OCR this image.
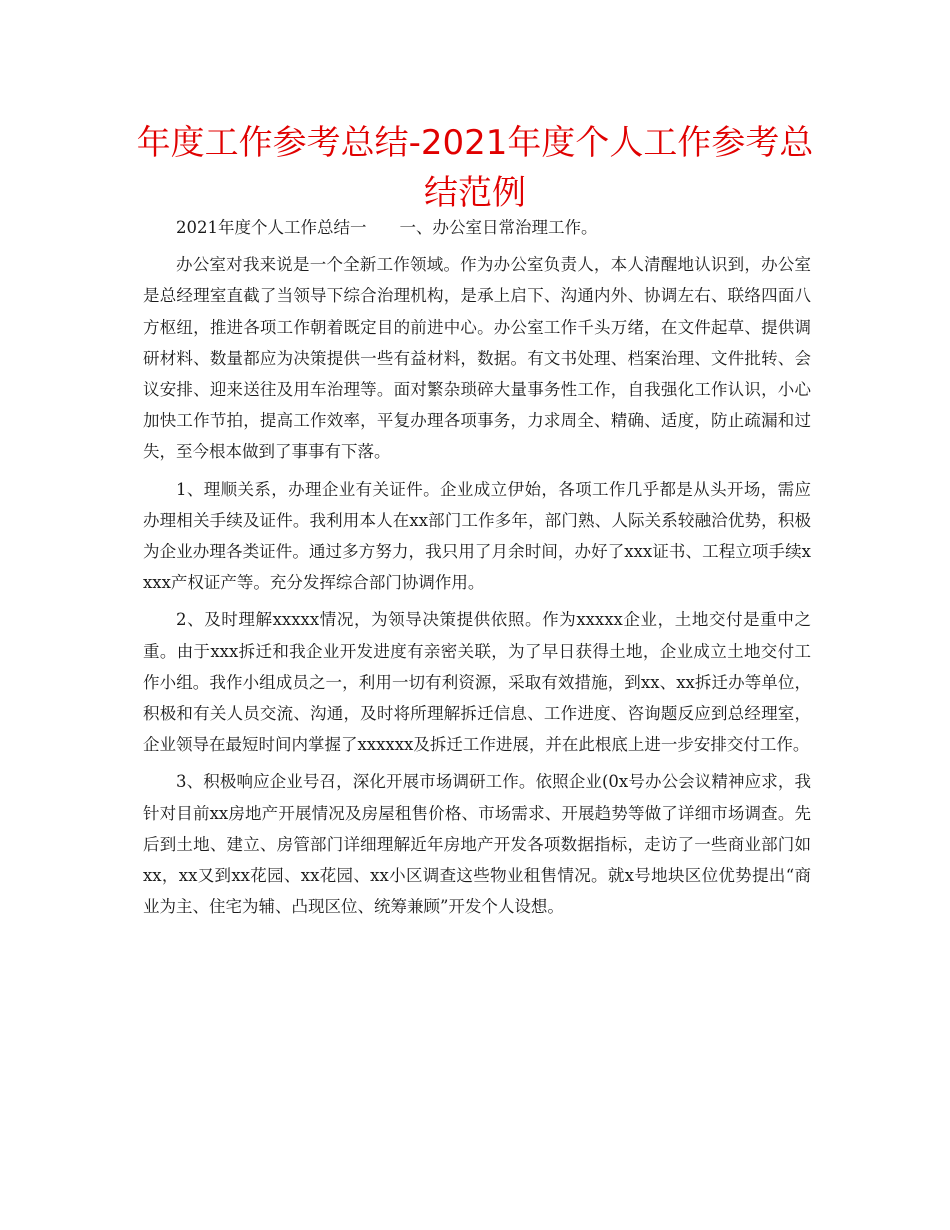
年度工作参考总结-2021年度个人工作参考总结范例

2021年度个人工作总结一　　一、办公室日常治理工作。

办公室对我来说是一个全新工作领域。作为办公室负责人，本人清醒地认识到，办公室是总经理室直截了当领导下综合治理机构，是承上启下、沟通内外、协调左右、联络四面八方枢纽，推进各项工作朝着既定目的前进中心。办公室工作千头万绪，在文件起草、提供调研材料、数量都应为决策提供一些有益材料，数据。有文书处理、档案治理、文件批转、会议安排、迎来送往及用车治理等。面对繁杂琐碎大量事务性工作，自我强化工作认识，小心加快工作节拍，提高工作效率，平复办理各项事务，力求周全、精确、适度，防止疏漏和过失，至今根本做到了事事有下落。

1、理顺关系，办理企业有关证件。企业成立伊始，各项工作几乎都是从头开场，需应办理相关手续及证件。我利用本人在xx部门工作多年，部门熟、人际关系较融洽优势，积极为企业办理各类证件。通过多方努力，我只用了月余时间，办好了xxx证书、工程立项手续xxxx产权证产等。充分发挥综合部门协调作用。

2、及时理解xxxxx情况，为领导决策提供依照。作为xxxxx企业，土地交付是重中之重。由于xxx拆迁和我企业开发进度有亲密关联，为了早日获得土地，企业成立土地交付工作小组。我作小组成员之一，利用一切有利资源，采取有效措施，到xx、xx拆迁办等单位，积极和有关人员交流、沟通，及时将所理解拆迁信息、工作进度、咨询题反应到总经理室，企业领导在最短时间内掌握了xxxxxx及拆迁工作进展，并在此根底上进一步安排交付工作。

3、积极响应企业号召，深化开展市场调研工作。依照企业(0x号办公会议精神应求，我针对目前xx房地产开展情况及房屋租售价格、市场需求、开展趋势等做了详细市场调查。先后到土地、建立、房管部门详细理解近年房地产开发各项数据指标，走访了一些商业部门如xx，xx又到xx花园、xx花园、xx小区调查这些物业租售情况。就x号地块区位优势提出“商业为主、住宅为辅、凸现区位、统筹兼顾”开发个人设想。
